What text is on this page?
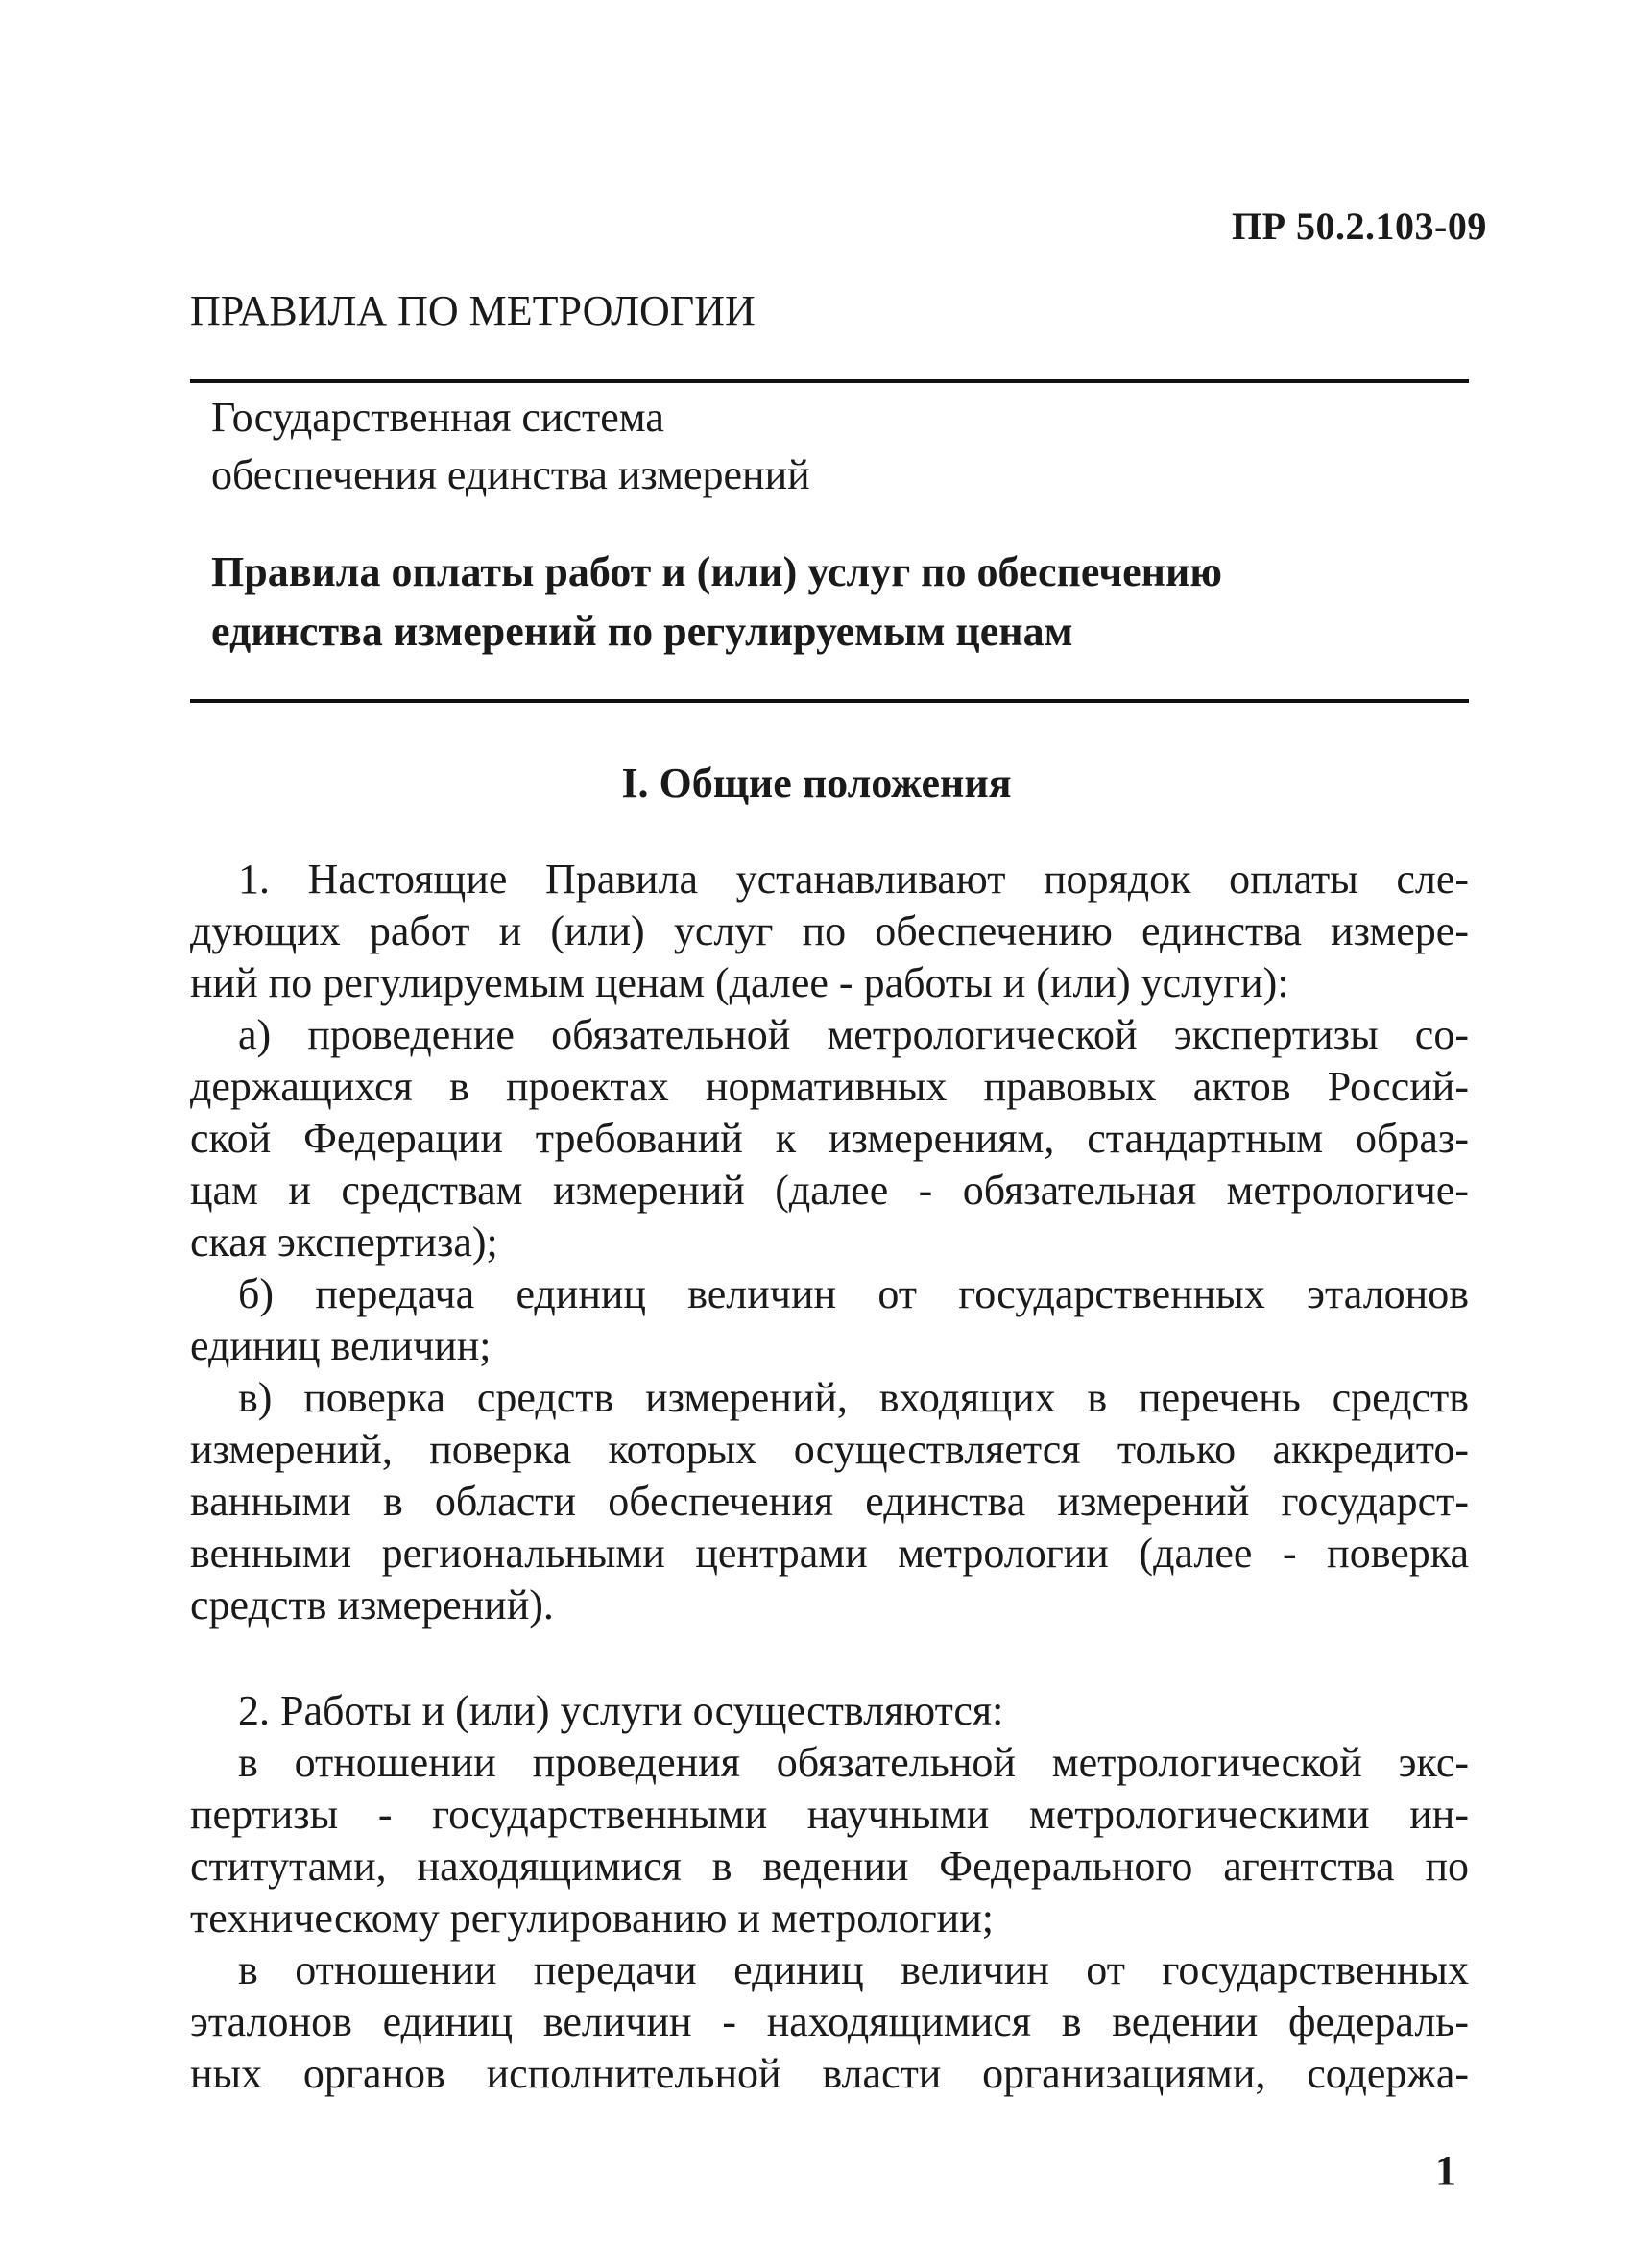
ПР 50.2.103-09

ПРАВИЛА ПО МЕТРОЛОГИИ

Государственная система
обеспечения единства измерений
Правила оплаты работ и (или) услуг по обеспечению
единства измерений по регулируемым ценам

I. Общие положения

1. Настоящие Правила устанавливают порядок оплаты сле-
дующих работ и (или) услуг по обеспечению единства измере-
ний по регулируемым ценам (далее - работы и (или) услуги):
а) проведение обязательной метрологической экспертизы со-
держащихся в проектах нормативных правовых актов Россий-
ской Федерации требований к измерениям, стандартным образ-
цам и средствам измерений (далее - обязательная метрологиче-
ская экспертиза);
б) передача единиц величин от государственных эталонов
единиц величин;
в) поверка средств измерений, входящих в перечень средств
измерений, поверка которых осуществляется только аккредито-
ванными в области обеспечения единства измерений государст-
венными региональными центрами метрологии (далее - поверка
средств измерений).
2. Работы и (или) услуги осуществляются:
в отношении проведения обязательной метрологической экс-
пертизы - государственными научными метрологическими ин-
ститутами, находящимися в ведении Федерального агентства по
техническому регулированию и метрологии;
в отношении передачи единиц величин от государственных
эталонов единиц величин - находящимися в ведении федераль-
ных органов исполнительной власти организациями, содержа-

1
